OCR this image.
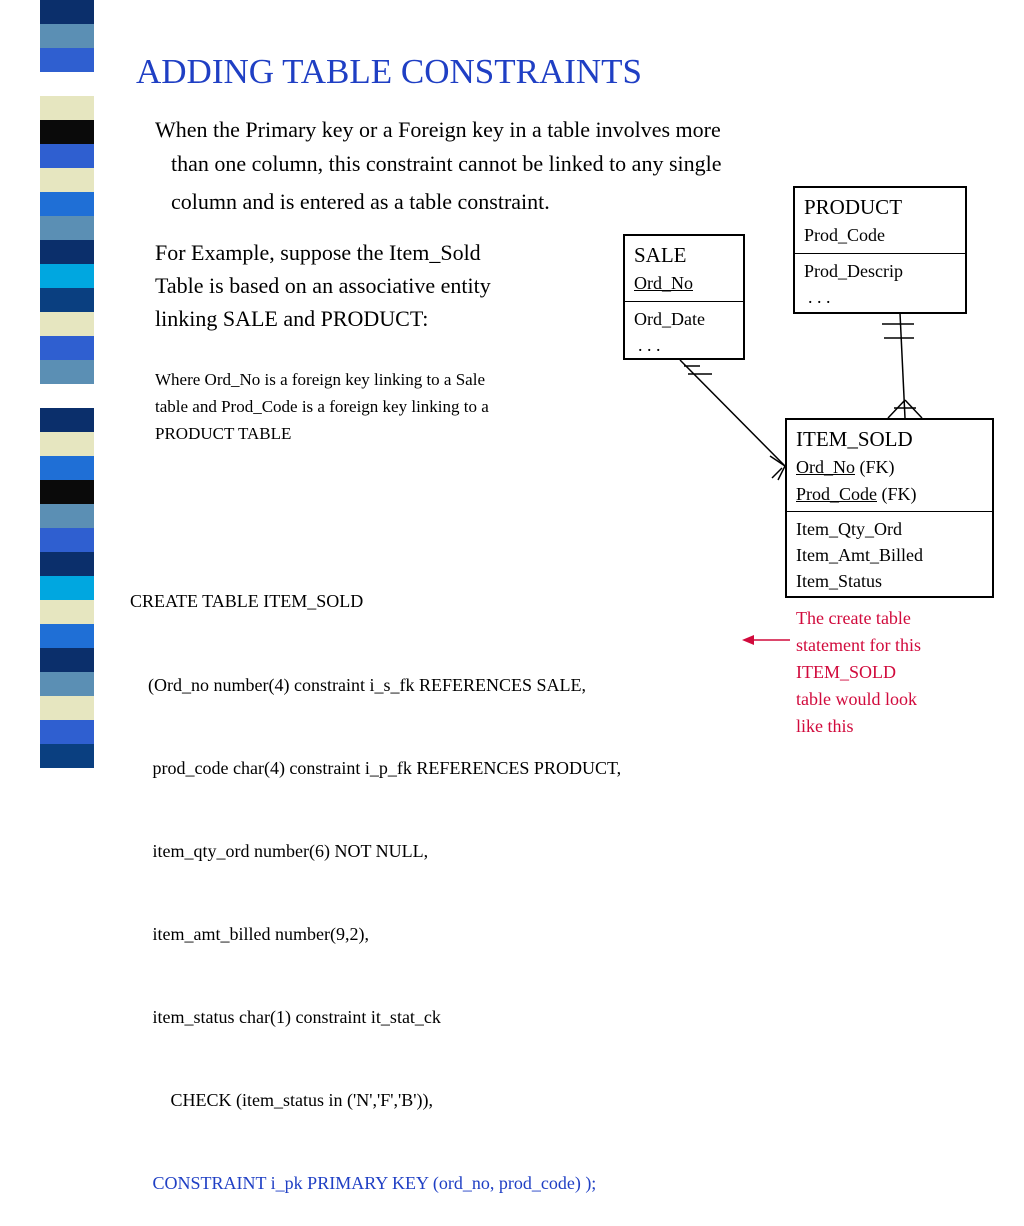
ADDING TABLE CONSTRAINTS

When the Primary key or a Foreign key in a table involves more

than one column, this constraint cannot be linked to any single

column and is entered as a table constraint.

For Example, suppose the Item_Sold

Table is based on an associative entity

linking SALE and PRODUCT:

Where Ord_No is a foreign key linking to a Sale

table and Prod_Code is a foreign key linking to a

PRODUCT TABLE

SALE
Ord_No
Ord_Date
. . .
PRODUCT
Prod_Code
Prod_Descrip
. . .
ITEM_SOLD
Ord_No (FK)
Prod_Code (FK)
Item_Qty_Ord
Item_Amt_Billed
Item_Status

CREATE TABLE ITEM_SOLD

(Ord_no number(4) constraint i_s_fk REFERENCES SALE,

prod_code char(4) constraint i_p_fk REFERENCES PRODUCT,

item_qty_ord number(6) NOT NULL,

item_amt_billed number(9,2),

item_status char(1) constraint it_stat_ck

CHECK (item_status in ('N','F','B')),

CONSTRAINT i_pk PRIMARY KEY (ord_no, prod_code) );

The create table
statement for this
ITEM_SOLD
table would look
like this
